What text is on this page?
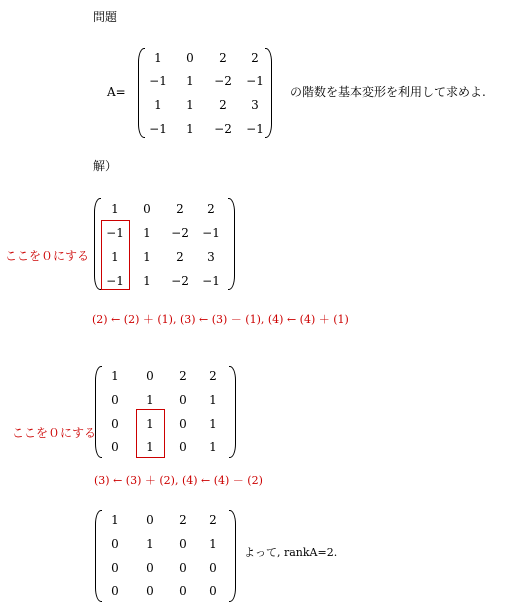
問題
A=
1	0	2	2
−1	1	−2	−1
1	1	2	3
−1	1	−2	−1
の階数を基本変形を利用して求めよ.
解）
ここを０にする
1	0	2	2
−1	1	−2	−1
1	1	2	3
−1	1	−2	−1
(2) ← (2) ＋ (1), (3) ← (3) － (1), (4) ← (4) ＋ (1)
ここを０にする
1	0	2	2
0	1	0	1
0	1	0	1
0	1	0	1
(3) ← (3) ＋ (2), (4) ← (4) － (2)
1	0	2	2
0	1	0	1
0	0	0	0
0	0	0	0
よって, rankA=2.
